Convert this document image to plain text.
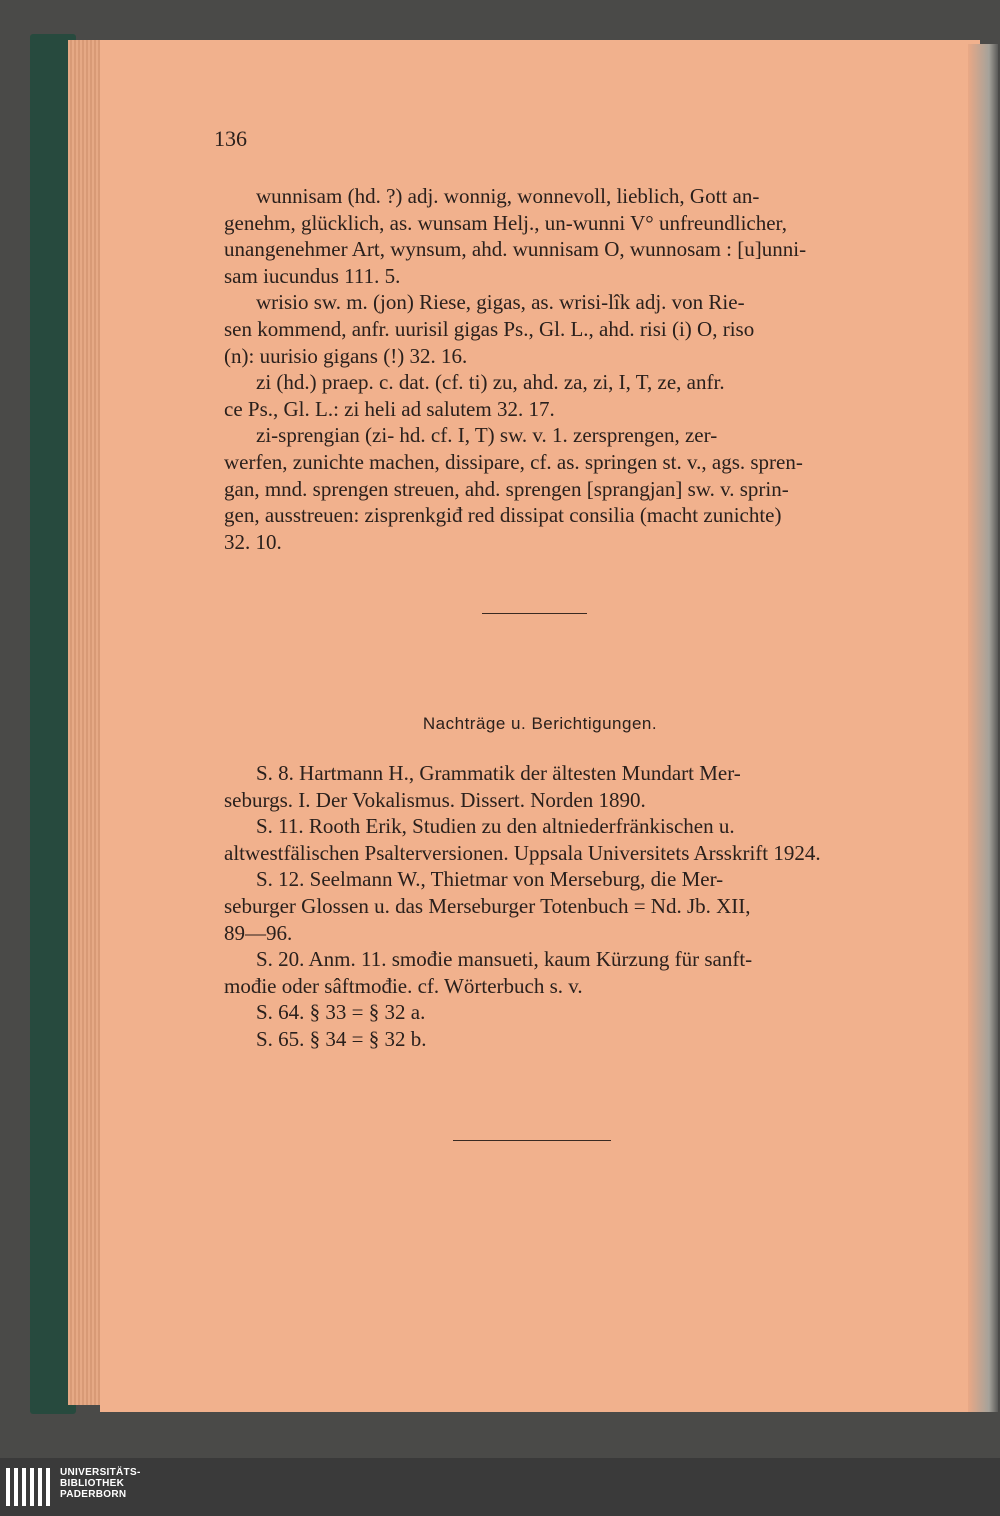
136
wunnisam (hd. ?) adj. wonnig, wonnevoll, lieblich, Gott an-
genehm, glücklich, as. wunsam Helj., un-wunni V° unfreundlicher,
unangenehmer Art, wynsum, ahd. wunnisam O, wunnosam : [u]unni-
sam iucundus 111. 5.
wrisio sw. m. (jon) Riese, gigas, as. wrisi-lîk adj. von Rie-
sen kommend, anfr. uurisil gigas Ps., Gl. L., ahd. risi (i) O, riso
(n): uurisio gigans (!) 32. 16.
zi (hd.) praep. c. dat. (cf. ti) zu, ahd. za, zi, I, T, ze, anfr.
ce Ps., Gl. L.: zi heli ad salutem 32. 17.
zi-sprengian (zi- hd. cf. I, T) sw. v. 1. zersprengen, zer-
werfen, zunichte machen, dissipare, cf. as. springen st. v., ags. spren-
gan, mnd. sprengen streuen, ahd. sprengen [sprangjan] sw. v. sprin-
gen, ausstreuen: zisprenkgiđ red dissipat consilia (macht zunichte)
32. 10.
Nachträge u. Berichtigungen.
S. 8. Hartmann H., Grammatik der ältesten Mundart Mer-
seburgs. I. Der Vokalismus. Dissert. Norden 1890.
S. 11. Rooth Erik, Studien zu den altniederfränkischen u.
altwestfälischen Psalterversionen. Uppsala Universitets Arsskrift 1924.
S. 12. Seelmann W., Thietmar von Merseburg, die Mer-
seburger Glossen u. das Merseburger Totenbuch = Nd. Jb. XII,
89—96.
S. 20. Anm. 11. smođie mansueti, kaum Kürzung für sanft-
mođie oder sâftmođie. cf. Wörterbuch s. v.
S. 64. § 33 = § 32 a.
S. 65. § 34 = § 32 b.
UNIVERSITÄTS-
BIBLIOTHEK
PADERBORN
